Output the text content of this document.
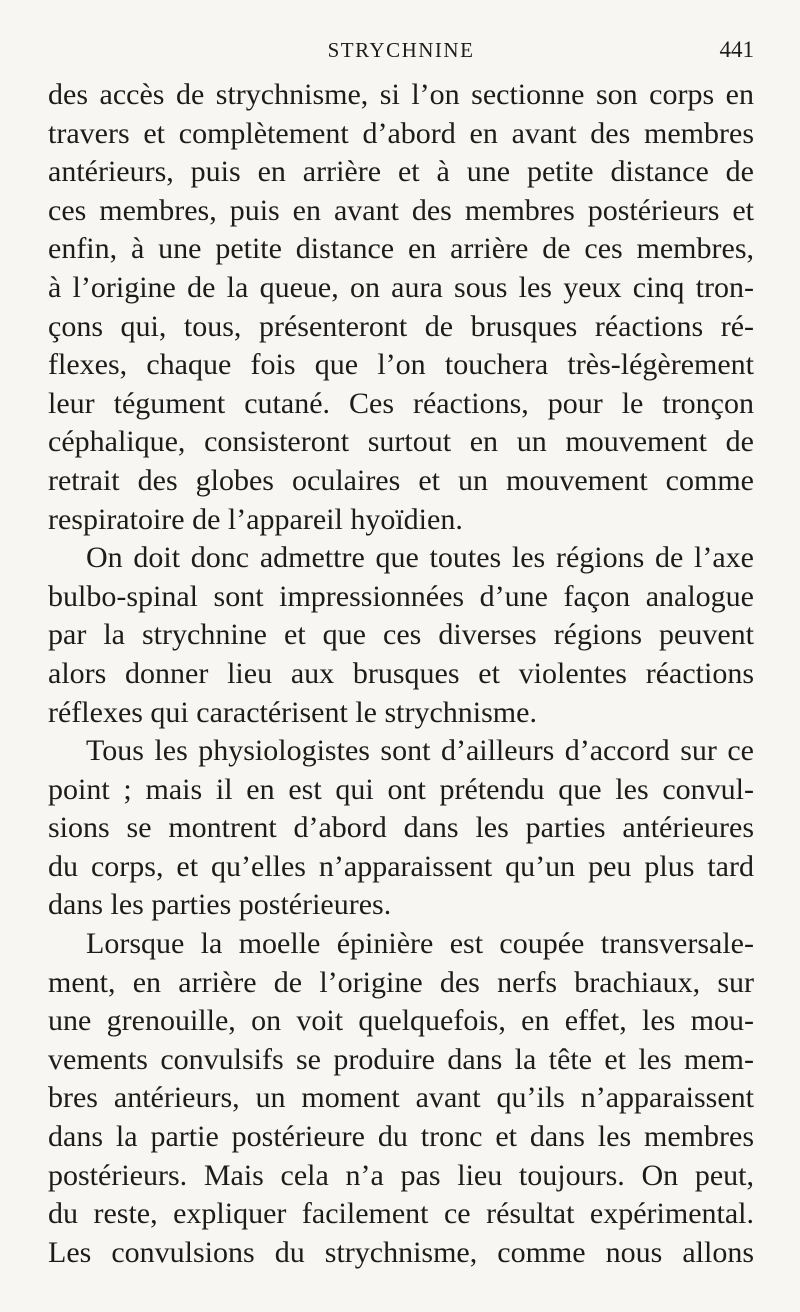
STRYCHNINE	441
des accès de strychnisme, si l’on sectionne son corps en
travers et complètement d’abord en avant des membres
antérieurs, puis en arrière et à une petite distance de
ces membres, puis en avant des membres postérieurs et
enfin, à une petite distance en arrière de ces membres,
à l’origine de la queue, on aura sous les yeux cinq tron-
çons qui, tous, présenteront de brusques réactions ré-
flexes, chaque fois que l’on touchera très-légèrement
leur tégument cutané. Ces réactions, pour le tronçon
céphalique, consisteront surtout en un mouvement de
retrait des globes oculaires et un mouvement comme
respiratoire de l’appareil hyoïdien.
On doit donc admettre que toutes les régions de l’axe
bulbo-spinal sont impressionnées d’une façon analogue
par la strychnine et que ces diverses régions peuvent
alors donner lieu aux brusques et violentes réactions
réflexes qui caractérisent le strychnisme.
Tous les physiologistes sont d’ailleurs d’accord sur ce
point ; mais il en est qui ont prétendu que les convul-
sions se montrent d’abord dans les parties antérieures
du corps, et qu’elles n’apparaissent qu’un peu plus tard
dans les parties postérieures.
Lorsque la moelle épinière est coupée transversale-
ment, en arrière de l’origine des nerfs brachiaux, sur
une grenouille, on voit quelquefois, en effet, les mou-
vements convulsifs se produire dans la tête et les mem-
bres antérieurs, un moment avant qu’ils n’apparaissent
dans la partie postérieure du tronc et dans les membres
postérieurs. Mais cela n’a pas lieu toujours. On peut,
du reste, expliquer facilement ce résultat expérimental.
Les convulsions du strychnisme, comme nous allons
